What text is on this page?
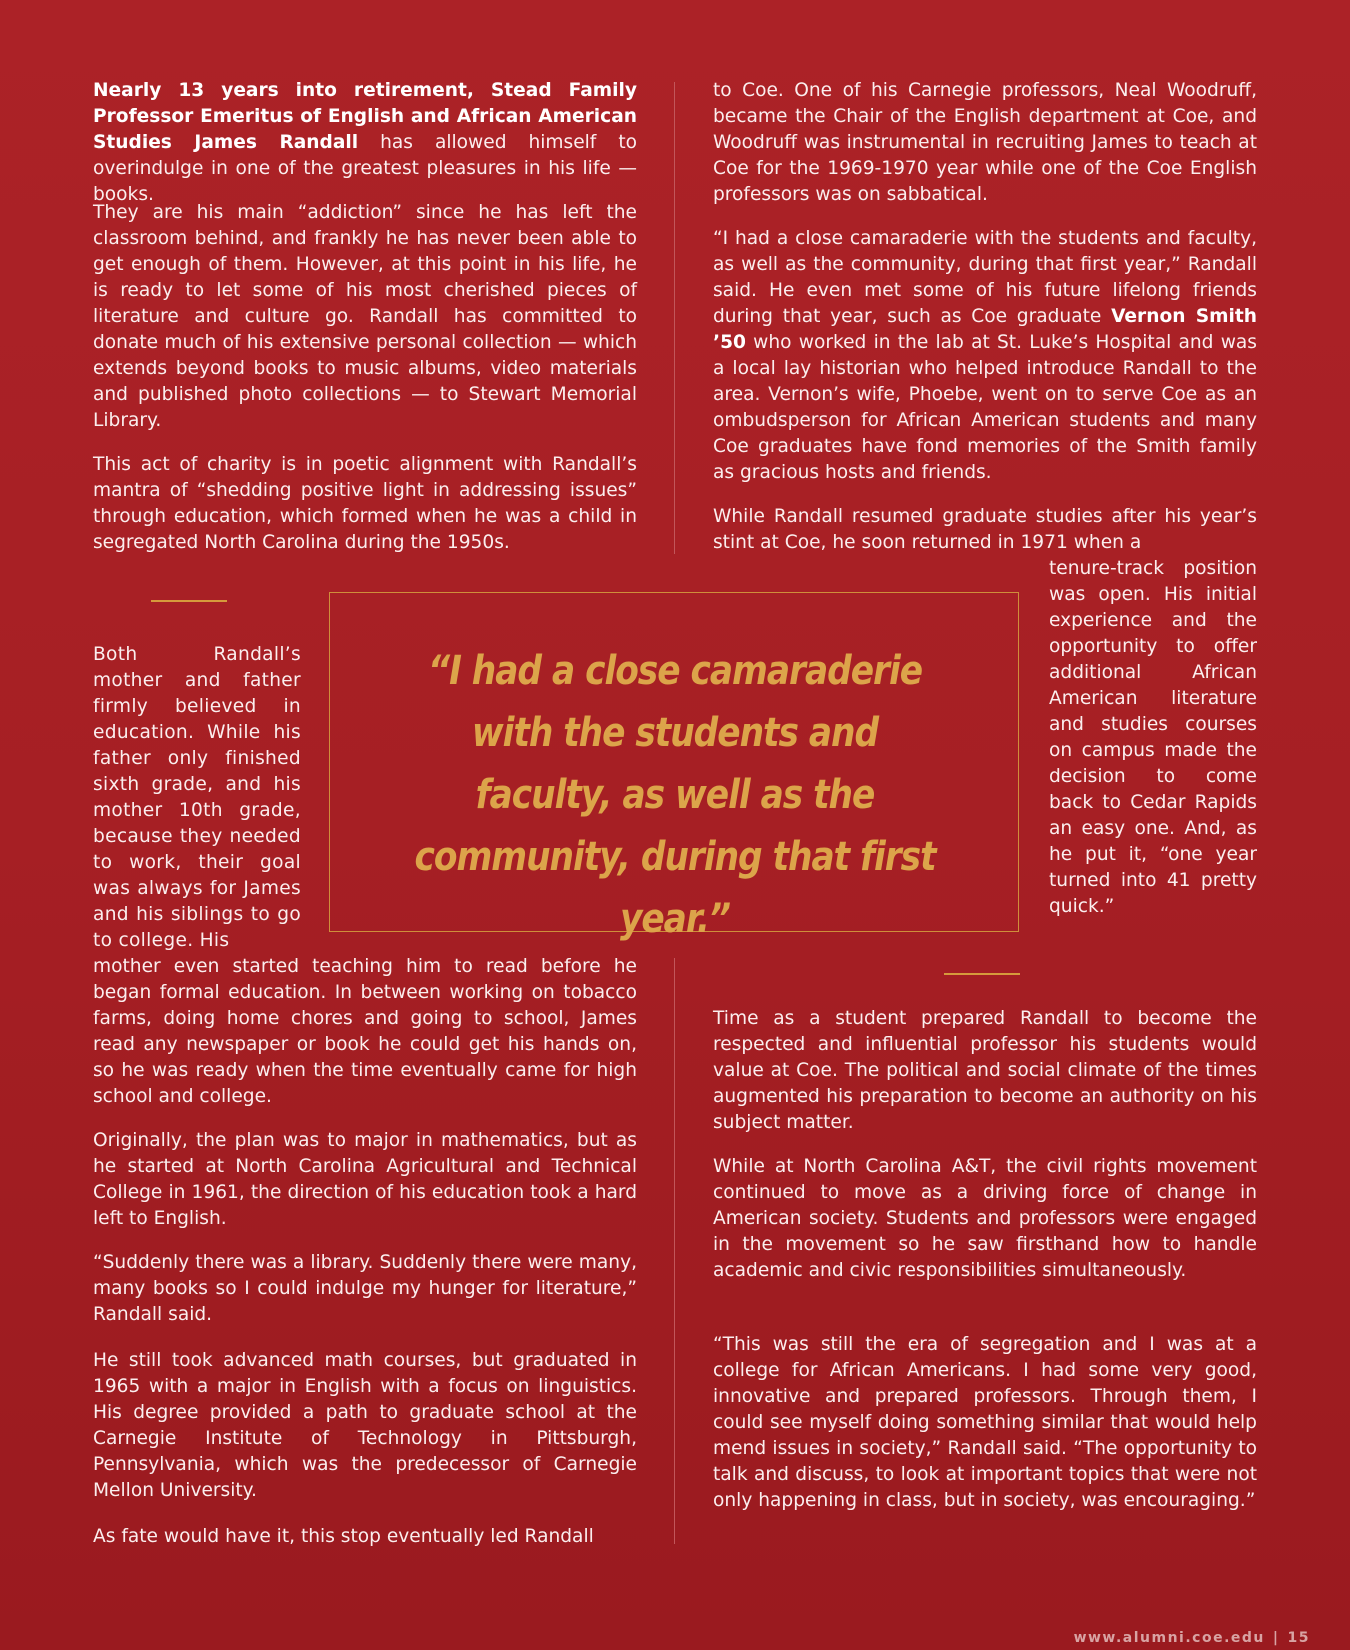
Nearly 13 years into retirement, Stead Family Professor Emeritus of English and African American Studies James Randall has allowed himself to overindulge in one of the greatest pleasures in his life — books.

They are his main “addiction” since he has left the classroom behind, and frankly he has never been able to get enough of them. However, at this point in his life, he is ready to let some of his most cherished pieces of literature and culture go. Randall has committed to donate much of his extensive personal collection — which extends beyond books to music albums, video materials and published photo collections — to Stewart Memorial Library.

This act of charity is in poetic alignment with Randall’s mantra of “shedding positive light in addressing issues” through education, which formed when he was a child in segregated North Carolina during the 1950s.

Both Randall’s mother and father firmly believed in education. While his father only finished sixth grade, and his mother 10th grade, because they needed to work, their goal was always for James and his siblings to go to college. His

mother even started teaching him to read before he began formal education. In between working on tobacco farms, doing home chores and going to school, James read any newspaper or book he could get his hands on, so he was ready when the time eventually came for high school and college.

Originally, the plan was to major in mathematics, but as he started at North Carolina Agricultural and Technical College in 1961, the direction of his education took a hard left to English.

“Suddenly there was a library. Suddenly there were many, many books so I could indulge my hunger for literature,” Randall said.

He still took advanced math courses, but graduated in 1965 with a major in English with a focus on linguistics. His degree provided a path to graduate school at the Carnegie Institute of Technology in Pittsburgh, Pennsylvania, which was the predecessor of Carnegie Mellon University.

As fate would have it, this stop eventually led Randall

to Coe. One of his Carnegie professors, Neal Woodruff, became the Chair of the English department at Coe, and Woodruff was instrumental in recruiting James to teach at Coe for the 1969-1970 year while one of the Coe English professors was on sabbatical.

“I had a close camaraderie with the students and faculty, as well as the community, during that first year,” Randall said. He even met some of his future lifelong friends during that year, such as Coe graduate Vernon Smith ’50 who worked in the lab at St. Luke’s Hospital and was a local lay historian who helped introduce Randall to the area. Vernon’s wife, Phoebe, went on to serve Coe as an ombudsperson for African American students and many Coe graduates have fond memories of the Smith family as gracious hosts and friends.

While Randall resumed graduate studies after his year’s stint at Coe, he soon returned in 1971 when a

tenure-track position was open. His initial experience and the opportunity to offer additional African American literature and studies courses on campus made the decision to come back to Cedar Rapids an easy one. And, as he put it, “one year turned into 41 pretty quick.”

Time as a student prepared Randall to become the respected and influential professor his students would value at Coe. The political and social climate of the times augmented his preparation to become an authority on his subject matter.

While at North Carolina A&T, the civil rights movement continued to move as a driving force of change in American society. Students and professors were engaged in the movement so he saw firsthand how to handle academic and civic responsibilities simultaneously.

“This was still the era of segregation and I was at a college for African Americans. I had some very good, innovative and prepared professors. Through them, I could see myself doing something similar that would help mend issues in society,” Randall said. “The opportunity to talk and discuss, to look at important topics that were not only happening in class, but in society, was encouraging.”

“I had a close camaraderie with the students and faculty, as well as the community, during that first year.”

www.alumni.coe.edu | 15
